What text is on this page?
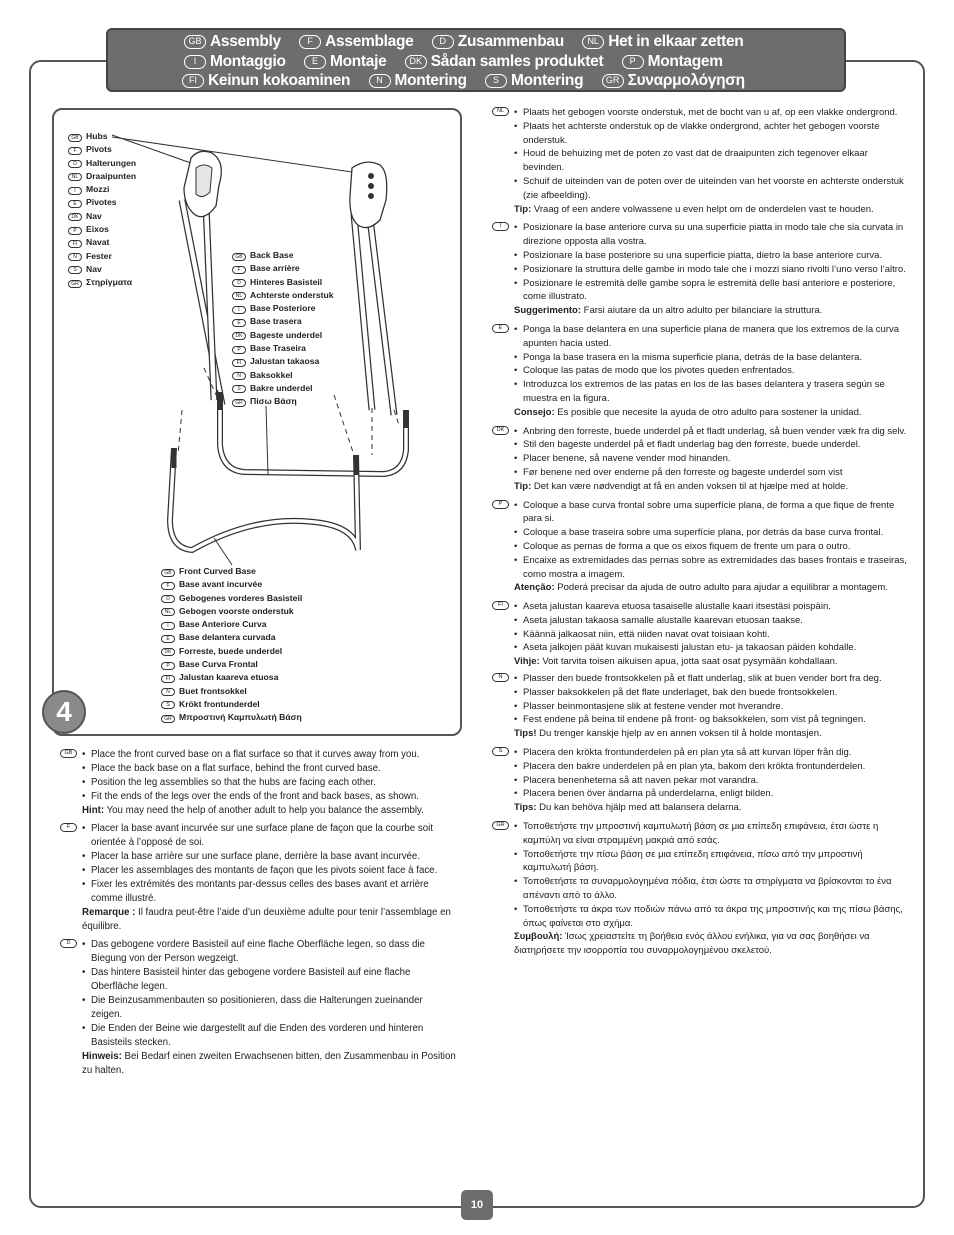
GB Assembly	F Assemblage	D Zusammenbau	NL Het in elkaar zetten
I Montaggio	E Montaje	DK Sådan samles produktet	P Montagem
FI Keinun kokoaminen	N Montering	S Montering	GR Συναρμολόγηση
GB Hubs
F Pivots
D Halterungen
NL Draaipunten
I Mozzi
E Pivotes
DK Nav
P Eixos
FI Navat
N Fester
S Nav
GR Στηρίγματα
GB Back Base
F Base arrière
D Hinteres Basisteil
NL Achterste onderstuk
I Base Posteriore
E Base trasera
DK Bageste underdel
P Base Traseira
FI Jalustan takaosa
N Baksokkel
S Bakre underdel
GR Πίσω Βάση
GB Front Curved Base
F Base avant incurvée
D Gebogenes vorderes Basisteil
NL Gebogen voorste onderstuk
I Base Anteriore Curva
E Base delantera curvada
DK Forreste, buede underdel
P Base Curva Frontal
FI Jalustan kaareva etuosa
N Buet frontsokkel
S Krökt frontunderdel
GR Μπροστινή Καμπυλωτή Βάση
4
GB	• Place the front curved base on a flat surface so that it curves away from you.
• Place the back base on a flat surface, behind the front curved base.
• Position the leg assemblies so that the hubs are facing each other.
• Fit the ends of the legs over the ends of the front and back bases, as shown.
Hint: You may need the help of another adult to help you balance the assembly.
F	• Placer la base avant incurvée sur une surface plane de façon que la courbe soit orientée à l’opposé de soi.
• Placer la base arrière sur une surface plane, derrière la base avant incurvée.
• Placer les assemblages des montants de façon que les pivots soient face à face.
• Fixer les extrémités des montants par-dessus celles des bases avant et arrière comme illustré.
Remarque : Il faudra peut-être l’aide d’un deuxième adulte pour tenir l’assemblage en équilibre.
D	• Das gebogene vordere Basisteil auf eine flache Oberfläche legen, so dass die Biegung von der Person wegzeigt.
• Das hintere Basisteil hinter das gebogene vordere Basisteil auf eine flache Oberfläche legen.
• Die Beinzusammenbauten so positionieren, dass die Halterungen zueinander zeigen.
• Die Enden der Beine wie dargestellt auf die Enden des vorderen und hinteren Basisteils stecken.
Hinweis: Bei Bedarf einen zweiten Erwachsenen bitten, den Zusammenbau in Position zu halten.
NL	• Plaats het gebogen voorste onderstuk, met de bocht van u af, op een vlakke ondergrond.
• Plaats het achterste onderstuk op de vlakke ondergrond, achter het gebogen voorste onderstuk.
• Houd de behuizing met de poten zo vast dat de draaipunten zich tegenover elkaar bevinden.
• Schuif de uiteinden van de poten over de uiteinden van het voorste en achterste onderstuk (zie afbeelding).
Tip: Vraag of een andere volwassene u even helpt om de onderdelen vast te houden.
I	• Posizionare la base anteriore curva su una superficie piatta in modo tale che sia curvata in direzione opposta alla vostra.
• Posizionare la base posteriore su una superficie piatta, dietro la base anteriore curva.
• Posizionare la struttura delle gambe in modo tale che i mozzi siano rivolti l’uno verso l’altro.
• Posizionare le estremità delle gambe sopra le estremità delle basi anteriore e posteriore, come illustrato.
Suggerimento: Farsi aiutare da un altro adulto per bilanciare la struttura.
E	• Ponga la base delantera en una superficie plana de manera que los extremos de la curva apunten hacia usted.
• Ponga la base trasera en la misma superficie plana, detrás de la base delantera.
• Coloque las patas de modo que los pivotes queden enfrentados.
• Introduzca los extremos de las patas en los de las bases delantera y trasera según se muestra en la figura.
Consejo: Es posible que necesite la ayuda de otro adulto para sostener la unidad.
DK	• Anbring den forreste, buede underdel på et fladt underlag, så buen vender væk fra dig selv.
• Stil den bageste underdel på et fladt underlag bag den forreste, buede underdel.
• Placer benene, så navene vender mod hinanden.
• Før benene ned over enderne på den forreste og bageste underdel som vist
Tip: Det kan være nødvendigt at få en anden voksen til at hjælpe med at holde.
P	• Coloque a base curva frontal sobre uma superfície plana, de forma a que fique de frente para si.
• Coloque a base traseira sobre uma superfície plana, por detrás da base curva frontal.
• Coloque as pernas de forma a que os eixos fiquem de frente um para o outro.
• Encaixe as extremidades das pernas sobre as extremidades das bases frontais e traseiras, como mostra a imagem.
Atenção: Poderá precisar da ajuda de outro adulto para ajudar a equilibrar a montagem.
FI	• Aseta jalustan kaareva etuosa tasaiselle alustalle kaari itsestäsi poispäin.
• Aseta jalustan takaosa samalle alustalle kaarevan etuosan taakse.
• Käännä jalkaosat niin, että niiden navat ovat toisiaan kohti.
• Aseta jalkojen päät kuvan mukaisesti jalustan etu- ja takaosan päiden kohdalle.
Vihje: Voit tarvita toisen aikuisen apua, jotta saat osat pysymään kohdallaan.
N	• Plasser den buede frontsokkelen på et flatt underlag, slik at buen vender bort fra deg.
• Plasser baksokkelen på det flate underlaget, bak den buede frontsokkelen.
• Plasser beinmontasjene slik at festene vender mot hverandre.
• Fest endene på beina til endene på front- og baksokkelen, som vist på tegningen.
Tips! Du trenger kanskje hjelp av en annen voksen til å holde montasjen.
S	• Placera den krökta frontunderdelen på en plan yta så att kurvan löper från dig.
• Placera den bakre underdelen på en plan yta, bakom den krökta frontunderdelen.
• Placera benenheterna så att naven pekar mot varandra.
• Placera benen över ändarna på underdelarna, enligt bilden.
Tips: Du kan behöva hjälp med att balansera delarna.
GR	• Τοποθετήστε την μπροστινή καμπυλωτή βάση σε μια επίπεδη επιφάνεια, έτσι ώστε η καμπύλη να είναι στραμμένη μακριά από εσάς.
• Τοποθετήστε την πίσω βάση σε μια επίπεδη επιφάνεια, πίσω από την μπροστινή καμπυλωτή βάση.
• Τοποθετήστε τα συναρμολογημένα πόδια, έτσι ώστε τα στηρίγματα να βρίσκονται το ένα απέναντι από το άλλο.
• Τοποθετήστε τα άκρα των ποδιών πάνω από τα άκρα της μπροστινής και της πίσω βάσης, όπως φαίνεται στο σχήμα.
Συμβουλή: Ίσως χρειαστείτε τη βοήθεια ενός άλλου ενήλικα, για να σας βοηθήσει να διατηρήσετε την ισορροπία του συναρμολογημένου σκελετού.
10
